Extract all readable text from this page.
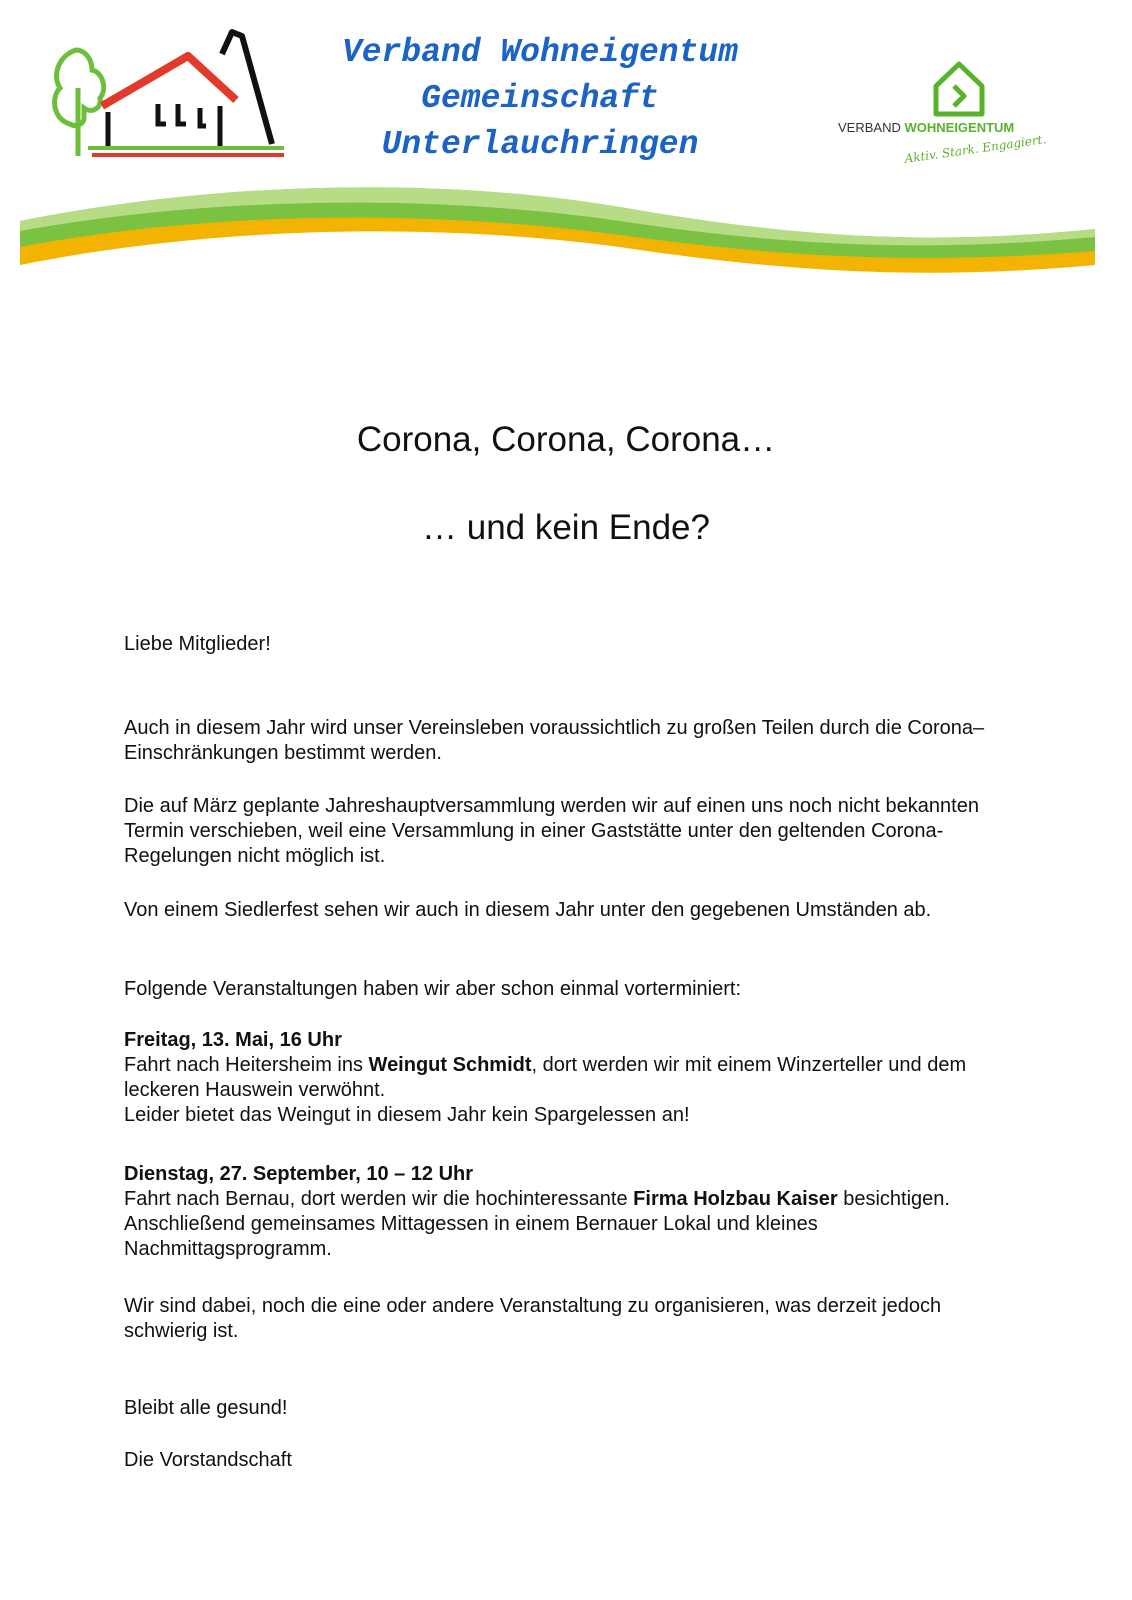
Verband Wohneigentum
Gemeinschaft
Unterlauchringen	VERBAND WOHNEIGENTUM
Aktiv. Stark. Engagiert.
Corona, Corona, Corona…
… und kein Ende?
Liebe Mitglieder!

Auch in diesem Jahr wird unser Vereinsleben voraussichtlich zu großen Teilen durch die Corona– Einschränkungen bestimmt werden.

Die auf März geplante Jahreshauptversammlung werden wir auf einen uns noch nicht bekannten Termin verschieben, weil eine Versammlung in einer Gaststätte unter den geltenden Corona- Regelungen nicht möglich ist.

Von einem Siedlerfest sehen wir auch in diesem Jahr unter den gegebenen Umständen ab.

Folgende Veranstaltungen haben wir aber schon einmal vorterminiert:

Freitag, 13. Mai, 16 Uhr
Fahrt nach Heitersheim ins Weingut Schmidt, dort werden wir mit einem Winzerteller und dem leckeren Hauswein verwöhnt.
Leider bietet das Weingut in diesem Jahr kein Spargelessen an!
Dienstag, 27. September, 10 – 12 Uhr
Fahrt nach Bernau, dort werden wir die hochinteressante Firma Holzbau Kaiser besichtigen. Anschließend gemeinsames Mittagessen in einem Bernauer Lokal und kleines Nachmittagsprogramm.

Wir sind dabei, noch die eine oder andere Veranstaltung zu organisieren, was derzeit jedoch schwierig ist.

Bleibt alle gesund!
Die Vorstandschaft
